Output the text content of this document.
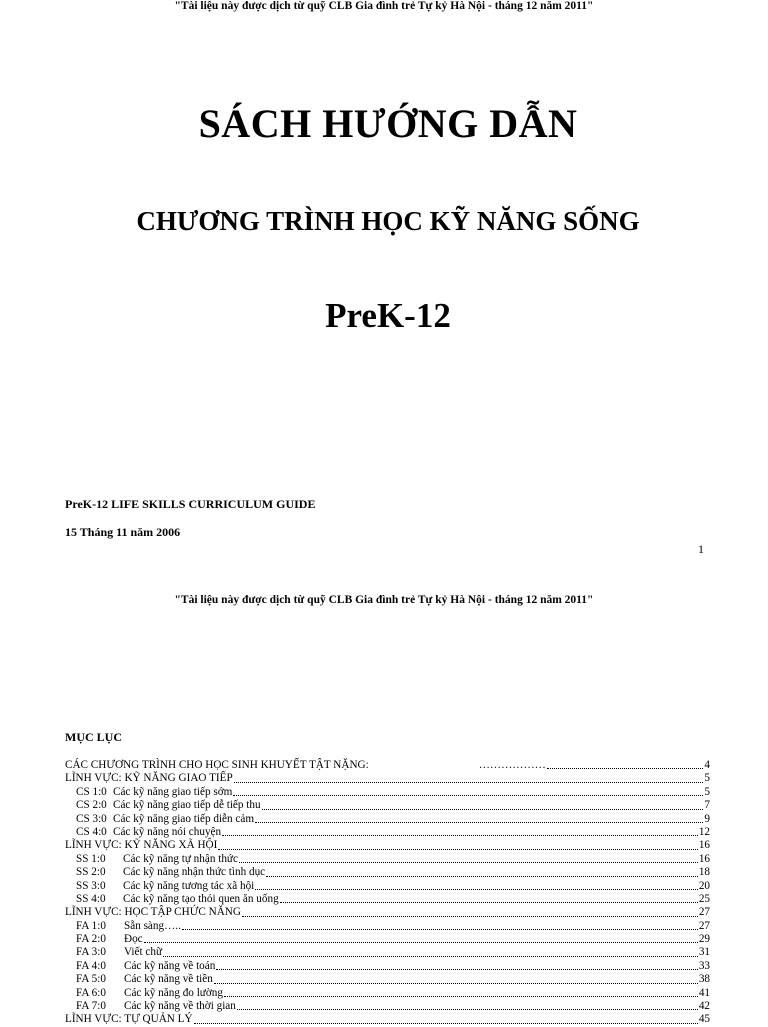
"Tài liệu này được dịch từ quỹ CLB Gia đình trẻ Tự kỷ Hà Nội - tháng 12 năm 2011"
SÁCH HƯỚNG DẪN
CHƯƠNG TRÌNH HỌC KỸ NĂNG SỐNG
PreK-12
PreK-12 LIFE SKILLS CURRICULUM GUIDE
15 Tháng 11 năm 2006
1
"Tài liệu này được dịch từ quỹ CLB Gia đình trẻ Tự kỷ Hà Nội - tháng 12 năm 2011"
MỤC LỤC
CÁC CHƯƠNG TRÌNH CHO HỌC SINH KHUYẾT TẬT NẶNG:	………………	4
LĨNH VỰC: KỸ NĂNG GIAO TIẾP	5
CS 1:0 Các kỹ năng giao tiếp sớm	5
CS 2:0 Các kỹ năng giao tiếp dễ tiếp thu	7
CS 3:0 Các kỹ năng giao tiếp diễn cảm	9
CS 4:0 Các kỹ năng nói chuyện	12
LĨNH VỰC: KỸ NĂNG XÃ HỘI	16
SS 1:0	Các kỹ năng tự nhận thức	16
SS 2:0	Các kỹ năng nhận thức tình dục	18
SS 3:0	Các kỹ năng tương tác xã hội	20
SS 4:0	Các kỹ năng tạo thói quen ăn uống	25
LĨNH VỰC: HỌC TẬP CHỨC NĂNG	27
FA 1:0	Sẵn sàng…..	27
FA 2:0	Đọc	29
FA 3:0	Viết chữ	31
FA 4:0	Các kỹ năng về toán	33
FA 5:0	Các kỹ năng về tiền	38
FA 6:0	Các kỹ năng đo lường	41
FA 7:0	Các kỹ năng về thời gian	42
LĨNH VỰC: TỰ QUẢN LÝ	45
